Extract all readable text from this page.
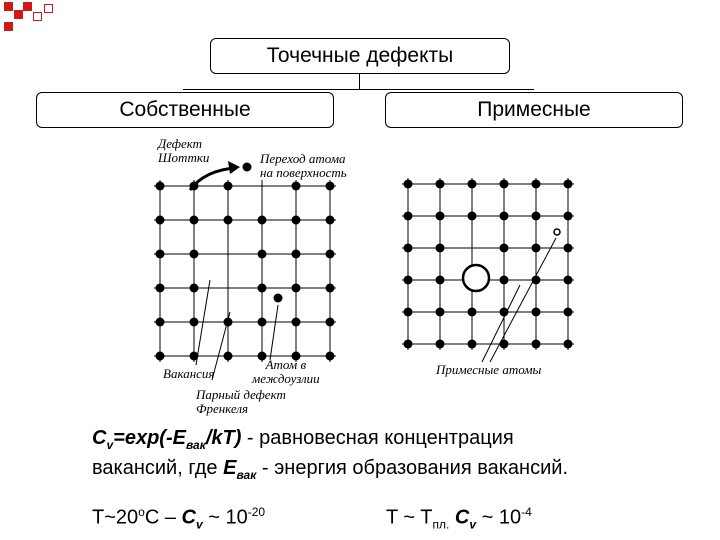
Точечные дефекты
Собственные	Примесные
Дефект
Шоттки	Переход атома
на поверхность
Вакансия
Атом в
междоузлии
Парный дефект
Френкеля
Примесные атомы
$C_v=\exp(-E_{вак}/kT)$ - равновесная концентрация
вакансий, где $E_{вак}$ - энергия образования вакансий.
T~20$^o$C – $C_v$ ~ $10^{-20}$	T ~ $T_{пл.}$ $C_v$ ~ $10^{-4}$
